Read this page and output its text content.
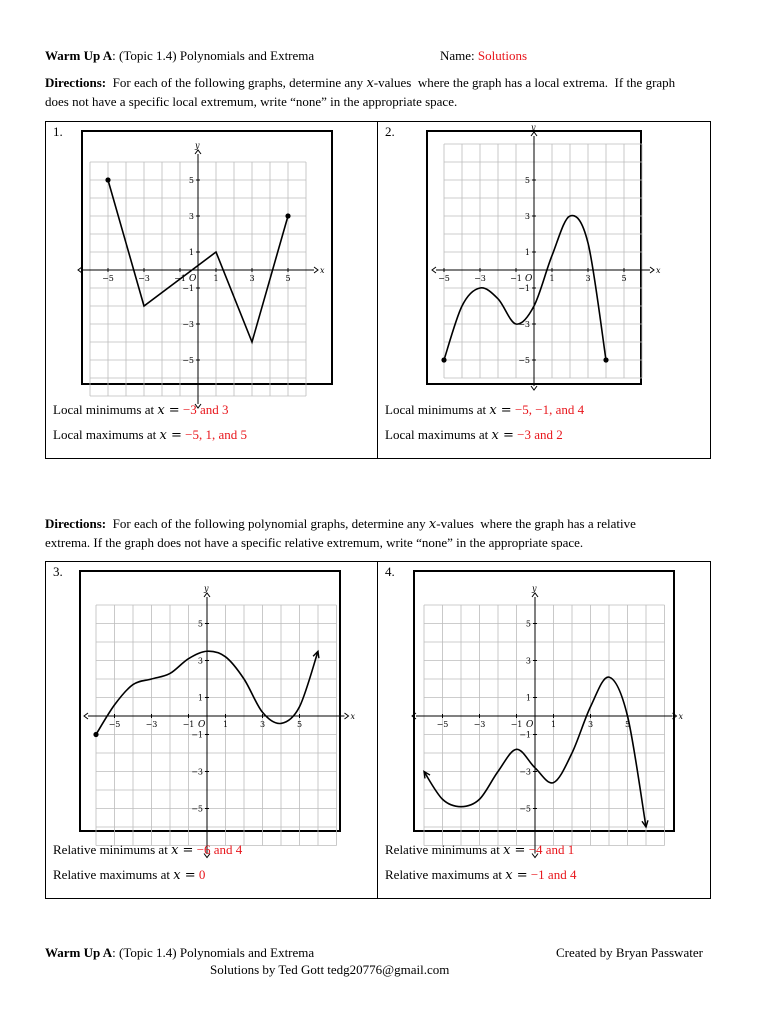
Warm Up A: (Topic 1.4) Polynomials and Extrema	Name: Solutions
Directions:  For each of the following graphs, determine any x-values  where the graph has a local extrema.  If the graph
does not have a specific local extremum, write “none” in the appropriate space.
1.	2.
x
y
O
−5	−3	−1	1	3	5
5
3
1
−1
−3
−5
x
y
O
−5	−3	−1	1	3	5
5
3
1
−1
−3
−5
Local minimums at x = −3 and 3
Local maximums at x = −5, 1, and 5
Local minimums at x = −5, −1, and 4
Local maximums at x = −3 and 2
Directions:  For each of the following polynomial graphs, determine any x-values  where the graph has a relative
extrema. If the graph does not have a specific relative extremum, write “none” in the appropriate space.
3.	4.
x
y
O
−5	−3	−1	1	3	5
5
3
1
−1
−3
−5
x
y
O
−5	−3	−1	1	3	5
5
3
1
−1
−3
−5
Relative minimums at x = −6 and 4
Relative maximums at x = 0
Relative minimums at x = −4 and 1
Relative maximums at x = −1 and 4
Warm Up A: (Topic 1.4) Polynomials and Extrema	Created by Bryan Passwater
Solutions by Ted Gott tedg20776@gmail.com
